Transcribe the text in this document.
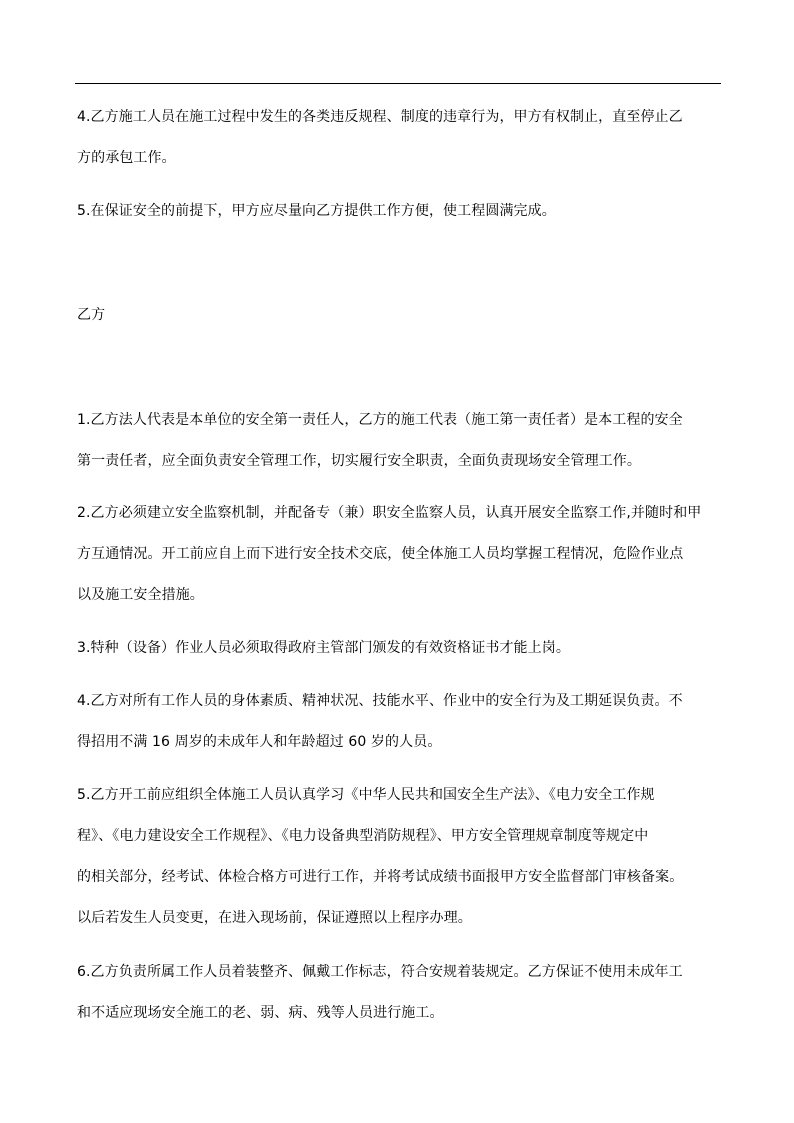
4.乙方施工人员在施工过程中发生的各类违反规程、制度的违章行为，甲方有权制止，直至停止乙
方的承包工作。
5.在保证安全的前提下，甲方应尽量向乙方提供工作方便，使工程圆满完成。
乙方
1.乙方法人代表是本单位的安全第一责任人，乙方的施工代表（施工第一责任者）是本工程的安全
第一责任者，应全面负责安全管理工作，切实履行安全职责，全面负责现场安全管理工作。
2.乙方必须建立安全监察机制，并配备专（兼）职安全监察人员，认真开展安全监察工作,并随时和甲
方互通情况。开工前应自上而下进行安全技术交底，使全体施工人员均掌握工程情况，危险作业点
以及施工安全措施。
3.特种（设备）作业人员必须取得政府主管部门颁发的有效资格证书才能上岗。
4.乙方对所有工作人员的身体素质、精神状况、技能水平、作业中的安全行为及工期延误负责。不
得招用不满 16 周岁的未成年人和年龄超过 60 岁的人员。
5.乙方开工前应组织全体施工人员认真学习《中华人民共和国安全生产法》、《电力安全工作规
程》、《电力建设安全工作规程》、《电力设备典型消防规程》、甲方安全管理规章制度等规定中
的相关部分，经考试、体检合格方可进行工作，并将考试成绩书面报甲方安全监督部门审核备案。
以后若发生人员变更，在进入现场前，保证遵照以上程序办理。
6.乙方负责所属工作人员着装整齐、佩戴工作标志，符合安规着装规定。乙方保证不使用未成年工
和不适应现场安全施工的老、弱、病、残等人员进行施工。
